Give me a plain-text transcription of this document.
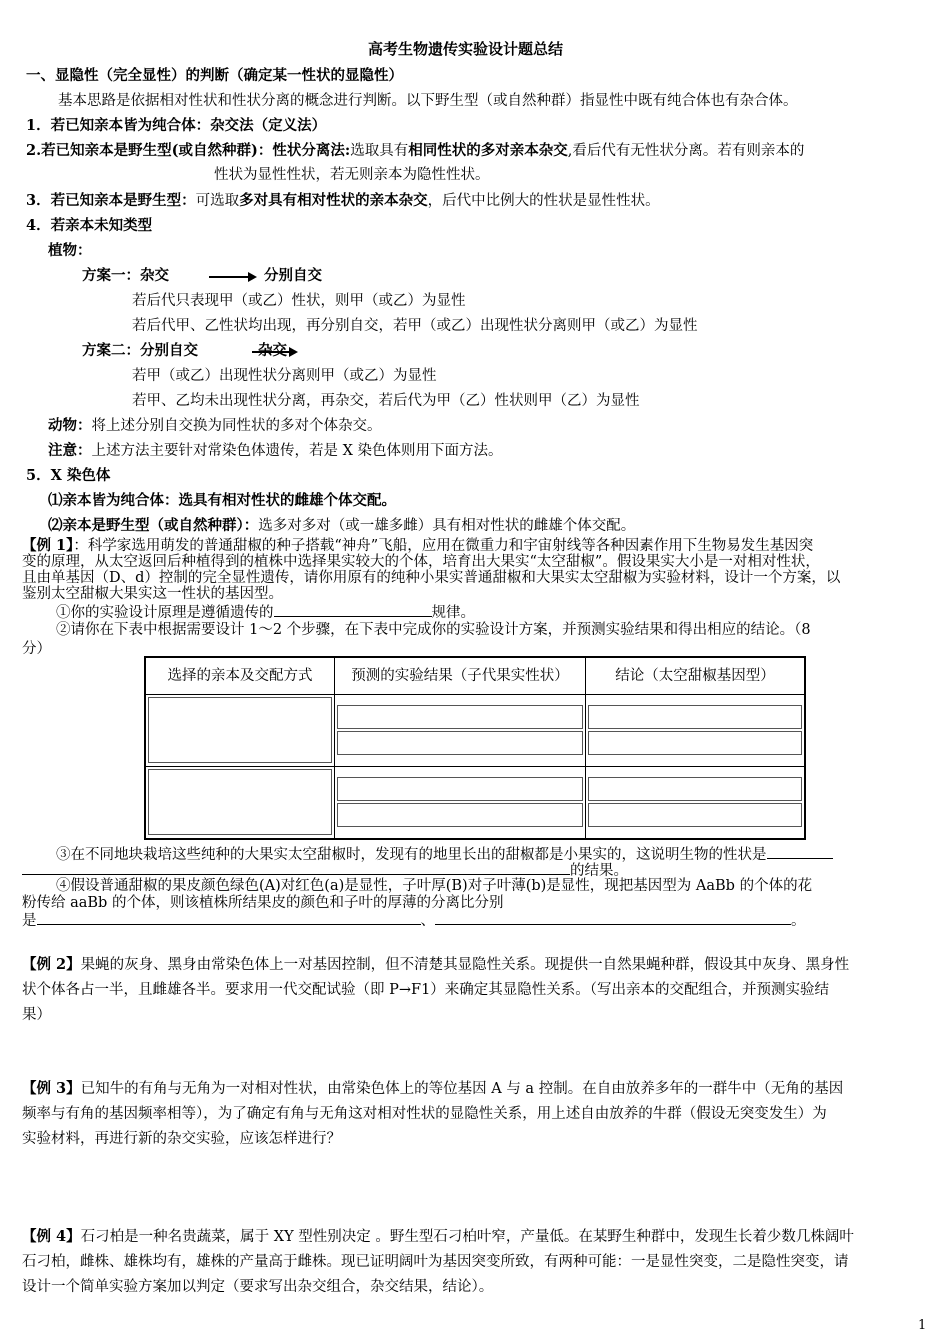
高考生物遗传实验设计题总结
一、显隐性（完全显性）的判断（确定某一性状的显隐性）
基本思路是依据相对性状和性状分离的概念进行判断。以下野生型（或自然种群）指显性中既有纯合体也有杂合体。
1．若已知亲本皆为纯合体：杂交法（定义法）
2.若已知亲本是野生型(或自然种群)：性状分离法:选取具有相同性状的多对亲本杂交,看后代有无性状分离。若有则亲本的
性状为显性性状，若无则亲本为隐性性状。
3．若已知亲本是野生型：可选取多对具有相对性状的亲本杂交，后代中比例大的性状是显性性状。
4．若亲本未知类型
植物：
方案一：杂交	分别自交
若后代只表现甲（或乙）性状，则甲（或乙）为显性
若后代甲、乙性状均出现，再分别自交，若甲（或乙）出现性状分离则甲（或乙）为显性
方案二：分别自交	杂交
若甲（或乙）出现性状分离则甲（或乙）为显性
若甲、乙均未出现性状分离，再杂交，若后代为甲（乙）性状则甲（乙）为显性
动物：将上述分别自交换为同性状的多对个体杂交。
注意：上述方法主要针对常染色体遗传，若是 X 染色体则用下面方法。
5．X 染色体
⑴亲本皆为纯合体：选具有相对性状的雌雄个体交配。
⑵亲本是野生型（或自然种群）：选多对多对（或一雄多雌）具有相对性状的雌雄个体交配。
【例 1】：科学家选用萌发的普通甜椒的种子搭载“神舟”飞船，应用在微重力和宇宙射线等各种因素作用下生物易发生基因突
变的原理，从太空返回后种植得到的植株中选择果实较大的个体，培育出大果实“太空甜椒”。假设果实大小是一对相对性状，
且由单基因（D、d）控制的完全显性遗传，请你用原有的纯种小果实普通甜椒和大果实太空甜椒为实验材料，设计一个方案，以
鉴别太空甜椒大果实这一性状的基因型。
①你的实验设计原理是遵循遗传的	规律。
②请你在下表中根据需要设计 1～2 个步骤，在下表中完成你的实验设计方案，并预测实验结果和得出相应的结论。（8
分）
选择的亲本及交配方式	预测的实验结果（子代果实性状）	结论（太空甜椒基因型）

③在不同地块栽培这些纯种的大果实太空甜椒时，发现有的地里长出的甜椒都是小果实的，这说明生物的性状是
的结果。
④假设普通甜椒的果皮颜色绿色(A)对红色(a)是显性，子叶厚(B)对子叶薄(b)是显性，现把基因型为 AaBb 的个体的花
粉传给 aaBb 的个体，则该植株所结果皮的颜色和子叶的厚薄的分离比分别
是	、	。
【例 2】果蝇的灰身、黑身由常染色体上一对基因控制，但不清楚其显隐性关系。现提供一自然果蝇种群，假设其中灰身、黑身性
状个体各占一半，且雌雄各半。要求用一代交配试验（即 P→F1）来确定其显隐性关系。（写出亲本的交配组合，并预测实验结
果）
【例 3】已知牛的有角与无角为一对相对性状，由常染色体上的等位基因 A 与 a 控制。在自由放养多年的一群牛中（无角的基因
频率与有角的基因频率相等），为了确定有角与无角这对相对性状的显隐性关系，用上述自由放养的牛群（假设无突变发生）为
实验材料，再进行新的杂交实验，应该怎样进行？
【例 4】石刁柏是一种名贵蔬菜，属于 XY 型性别决定 。野生型石刁柏叶窄，产量低。在某野生种群中，发现生长着少数几株阔叶
石刁柏，雌株、雄株均有，雄株的产量高于雌株。现已证明阔叶为基因突变所致，有两种可能：一是显性突变，二是隐性突变，请
设计一个简单实验方案加以判定（要求写出杂交组合，杂交结果，结论）。
1
